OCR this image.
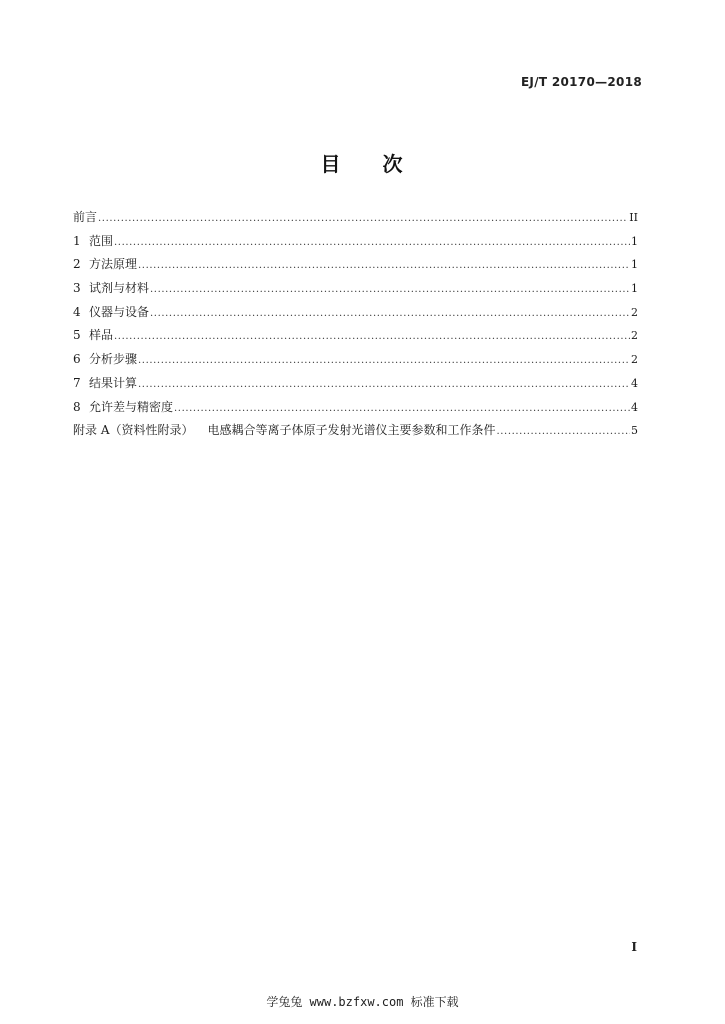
EJ/T 20170—2018
目 次
前言 .....	II
1 范围 .....	1
2 方法原理 .....	1
3 试剂与材料 .....	1
4 仪器与设备 .....	2
5 样品 .....	2
6 分析步骤 .....	2
7 结果计算 .....	4
8 允许差与精密度 .....	4
附录 A（资料性附录） 电感耦合等离子体原子发射光谱仪主要参数和工作条件 .....	5
I
学兔兔 www.bzfxw.com 标准下载
